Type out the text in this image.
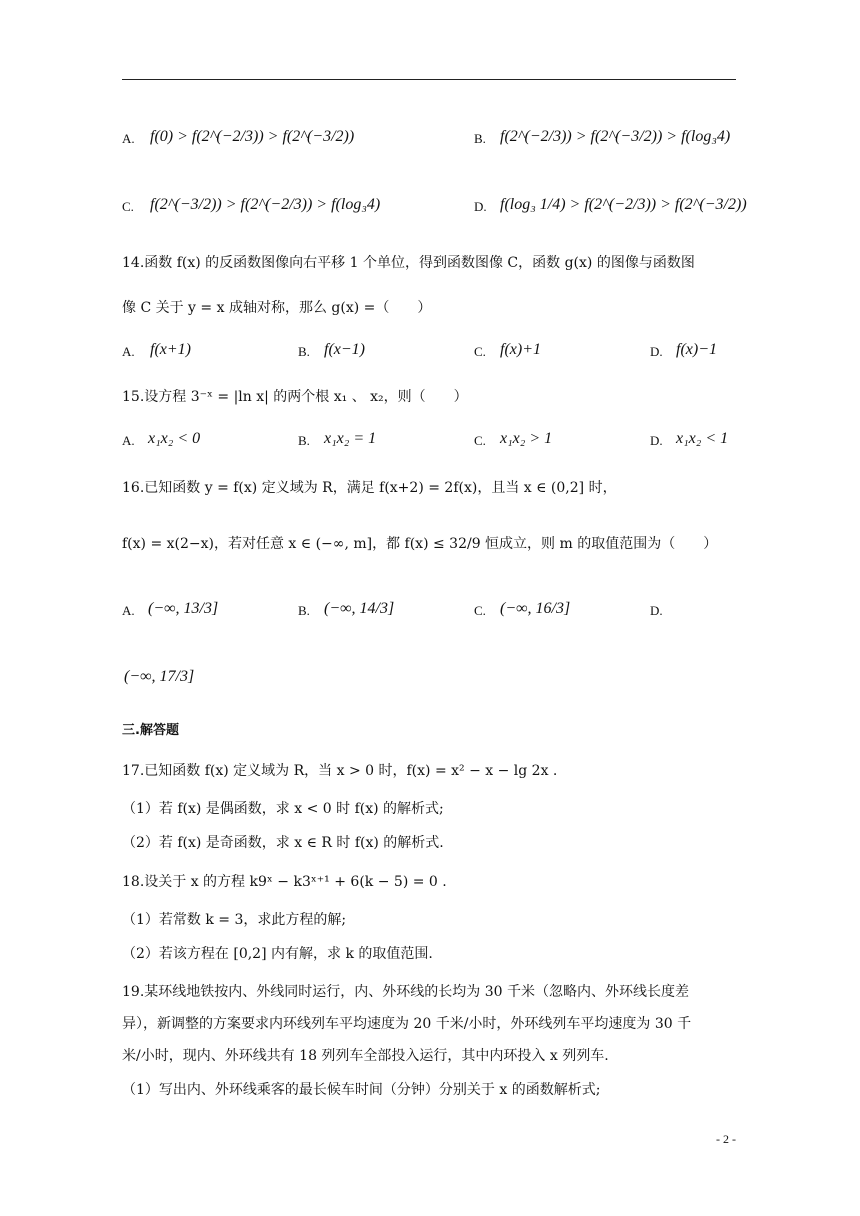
A. f(0) > f(2^(−2/3)) > f(2^(−3/2))	B. f(2^(−2/3)) > f(2^(−3/2)) > f(log₃4)
C. f(2^(−3/2)) > f(2^(−2/3)) > f(log₃4)	D. f(log₃ 1/4) > f(2^(−2/3)) > f(2^(−3/2))
14.函数 f(x) 的反函数图像向右平移 1 个单位，得到函数图像 C，函数 g(x) 的图像与函数图
像 C 关于 y = x 成轴对称，那么 g(x) =（　　）
A. f(x+1)	B. f(x−1)	C. f(x)+1	D. f(x)−1
15.设方程 3⁻ˣ = |ln x| 的两个根 x₁ 、 x₂，则（　　）
A. x₁x₂ < 0	B. x₁x₂ = 1	C. x₁x₂ > 1	D. x₁x₂ < 1
16.已知函数 y = f(x) 定义域为 R，满足 f(x+2) = 2f(x)，且当 x ∈ (0,2] 时，
f(x) = x(2−x)，若对任意 x ∈ (−∞, m]，都 f(x) ≤ 32/9 恒成立，则 m 的取值范围为（　　）
A. (−∞, 13/3]	B. (−∞, 14/3]	C. (−∞, 16/3]	D.
(−∞, 17/3]
三.解答题
17.已知函数 f(x) 定义域为 R，当 x > 0 时，f(x) = x² − x − lg 2x .
（1）若 f(x) 是偶函数，求 x < 0 时 f(x) 的解析式;
（2）若 f(x) 是奇函数，求 x ∈ R 时 f(x) 的解析式.
18.设关于 x 的方程 k9ˣ − k3ˣ⁺¹ + 6(k − 5) = 0 .
（1）若常数 k = 3，求此方程的解;
（2）若该方程在 [0,2] 内有解，求 k 的取值范围.
19.某环线地铁按内、外线同时运行，内、外环线的长均为 30 千米（忽略内、外环线长度差
异），新调整的方案要求内环线列车平均速度为 20 千米/小时，外环线列车平均速度为 30 千
米/小时，现内、外环线共有 18 列列车全部投入运行，其中内环投入 x 列列车.
（1）写出内、外环线乘客的最长候车时间（分钟）分别关于 x 的函数解析式;
- 2 -
